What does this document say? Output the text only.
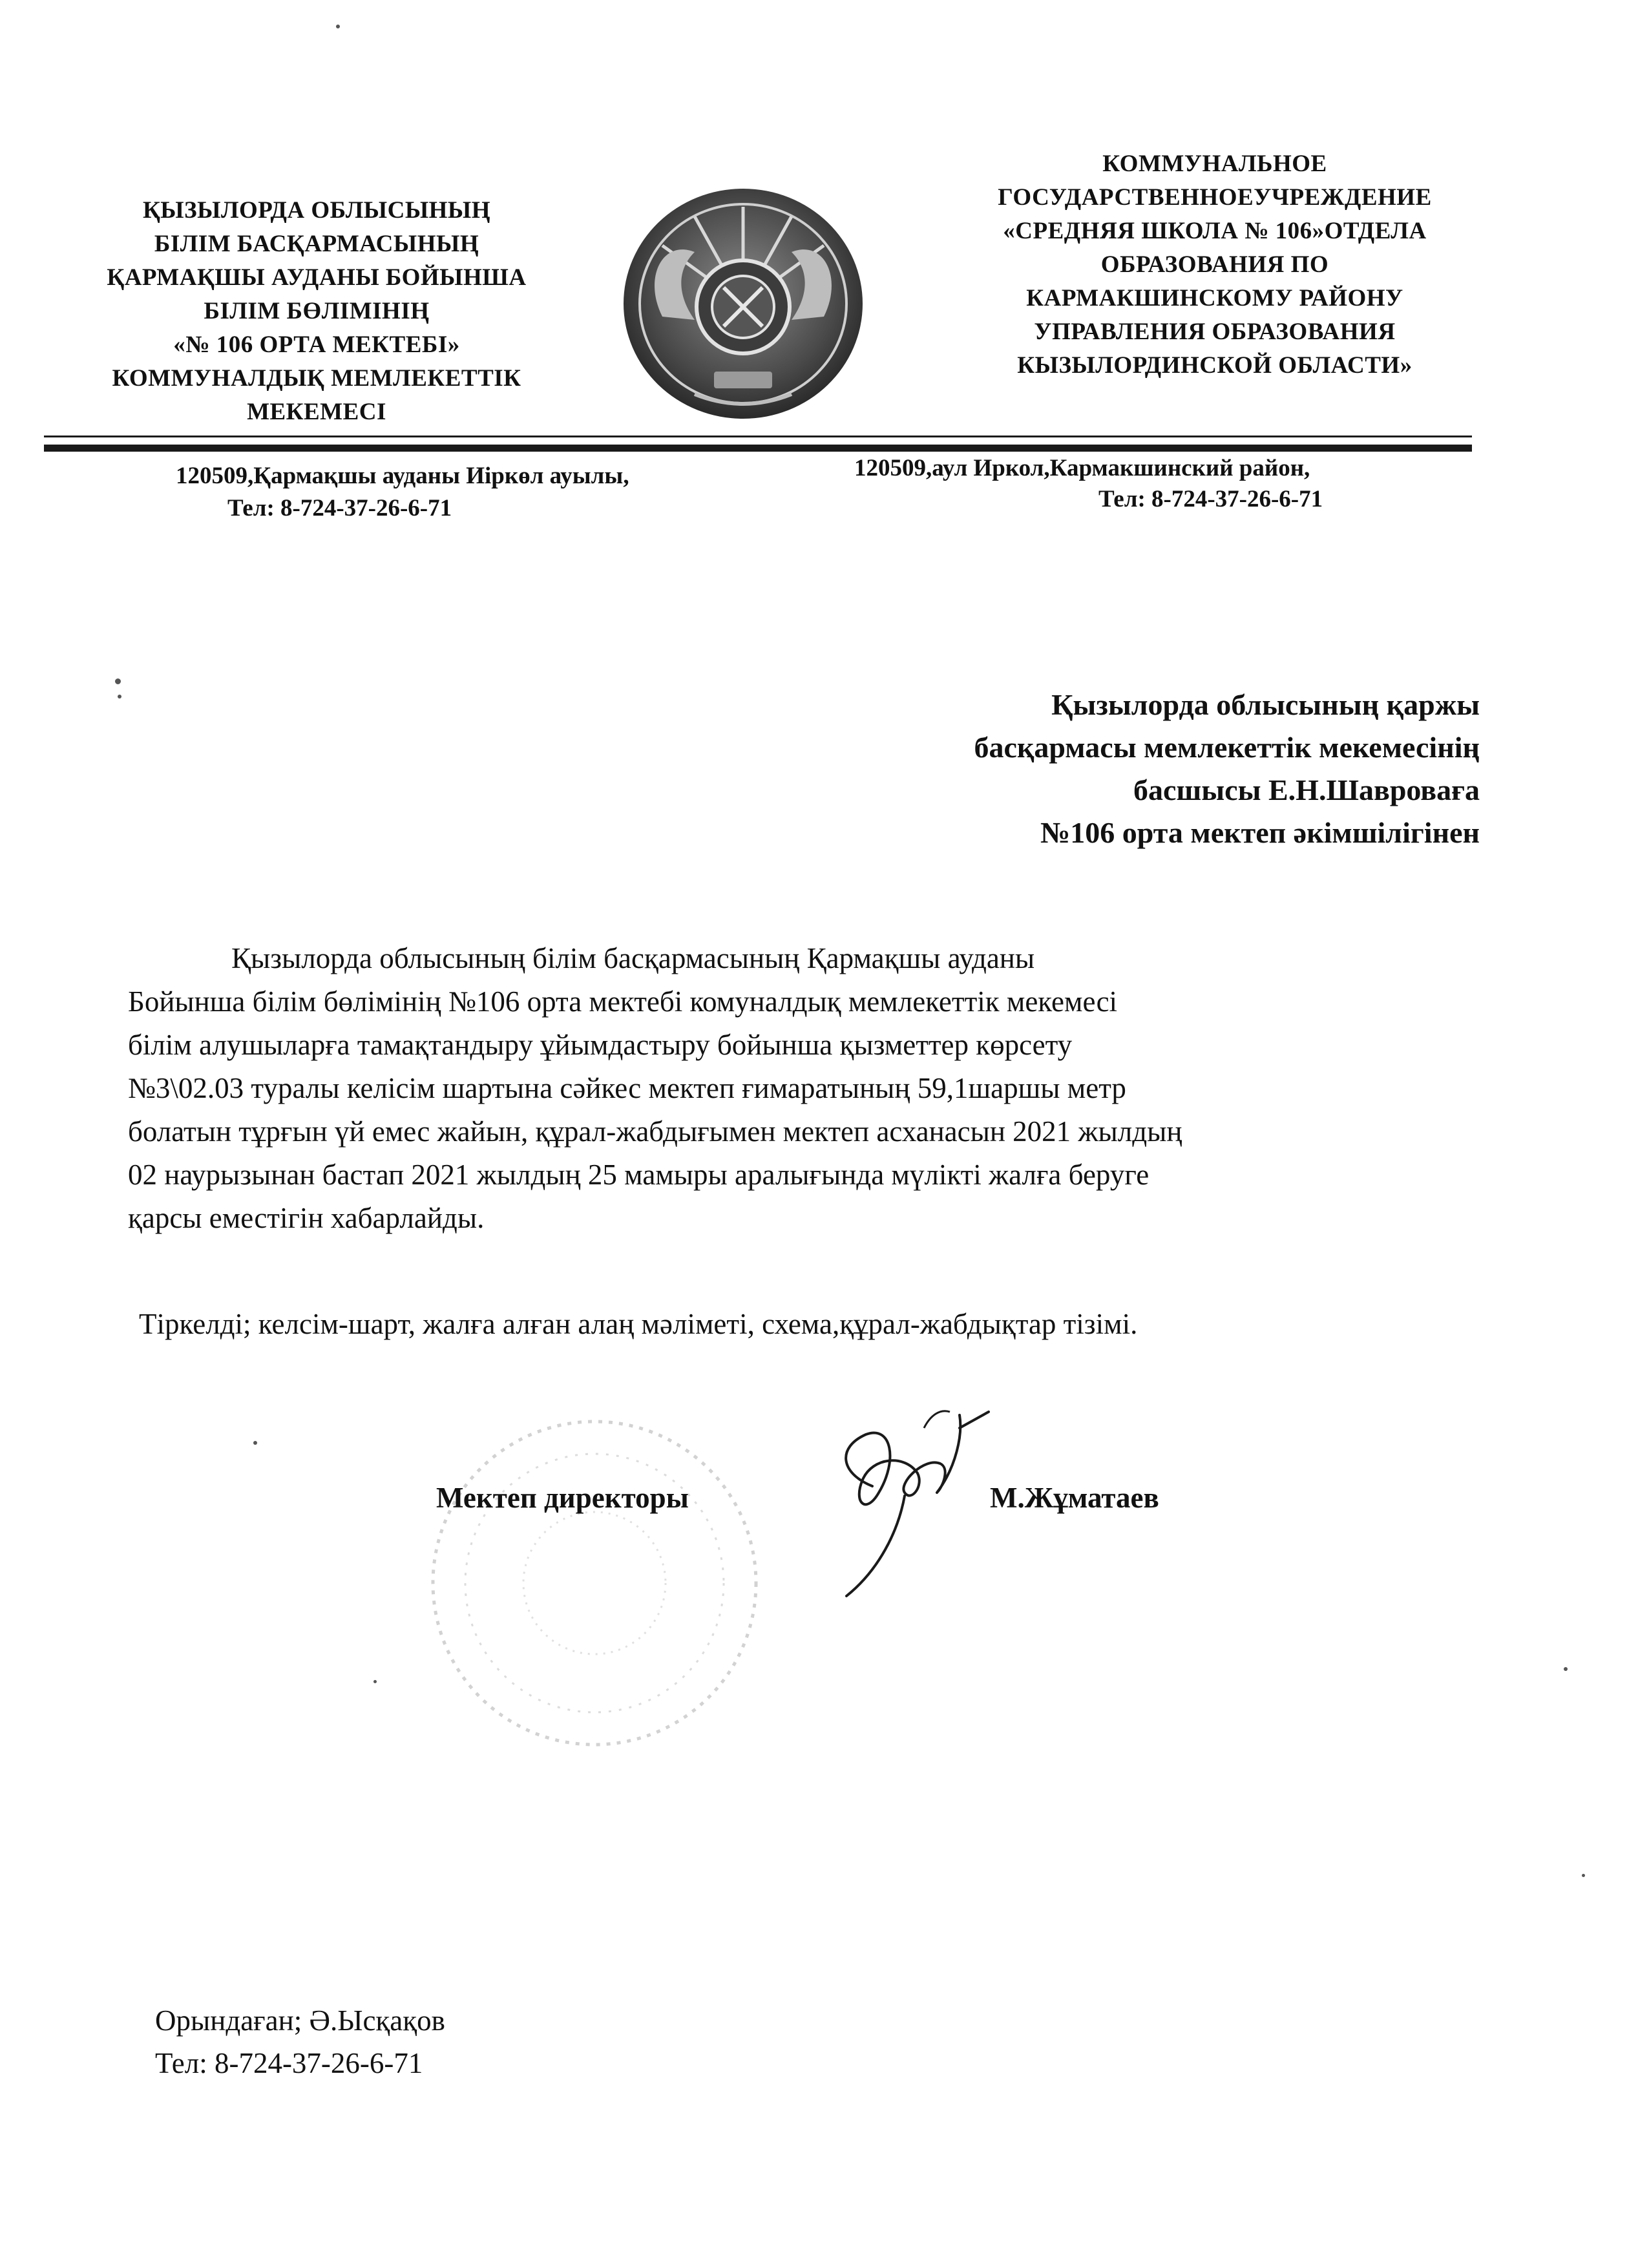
ҚЫЗЫЛОРДА ОБЛЫСЫНЫҢ
БІЛІМ БАСҚАРМАСЫНЫҢ
ҚАРМАҚШЫ АУДАНЫ БОЙЫНША
БІЛІМ БӨЛІМІНІҢ
«№ 106 ОРТА МЕКТЕБІ»
КОММУНАЛДЫҚ МЕМЛЕКЕТТІК
МЕКЕМЕСІ
КОММУНАЛЬНОЕ
ГОСУДАРСТВЕННОЕУЧРЕЖДЕНИЕ
«СРЕДНЯЯ ШКОЛА № 106»ОТДЕЛА
ОБРАЗОВАНИЯ ПО
КАРМАКШИНСКОМУ РАЙОНУ
УПРАВЛЕНИЯ ОБРАЗОВАНИЯ
КЫЗЫЛОРДИНСКОЙ ОБЛАСТИ»
120509,Қармақшы ауданы Иіркөл ауылы,
Тел: 8-724-37-26-6-71
120509,аул Иркол,Кармакшинский район,
Тел: 8-724-37-26-6-71
Қызылорда облысының қаржы
басқармасы мемлекеттік мекемесінің
басшысы Е.Н.Шавроваға
№106 орта мектеп әкімшілігінен
Қызылорда облысының білім басқармасының Қармақшы ауданы
Бойынша білім бөлімінің №106 орта мектебі комуналдық мемлекеттік мекемесі
білім алушыларға тамақтандыру ұйымдастыру бойынша қызметтер көрсету
№3\02.03 туралы келісім шартына сәйкес мектеп ғимаратының 59,1шаршы метр
болатын тұрғын үй емес жайын, құрал-жабдығымен мектеп асханасын 2021 жылдың
02 наурызынан бастап 2021 жылдың 25 мамыры аралығында мүлікті жалға беруге
қарсы еместігін хабарлайды.
Тіркелді; келсім-шарт, жалға алған алаң мәліметі, схема,құрал-жабдықтар тізімі.
Мектеп директоры	М.Жұматаев
Орындаған; Ә.Ысқақов
Тел: 8-724-37-26-6-71
